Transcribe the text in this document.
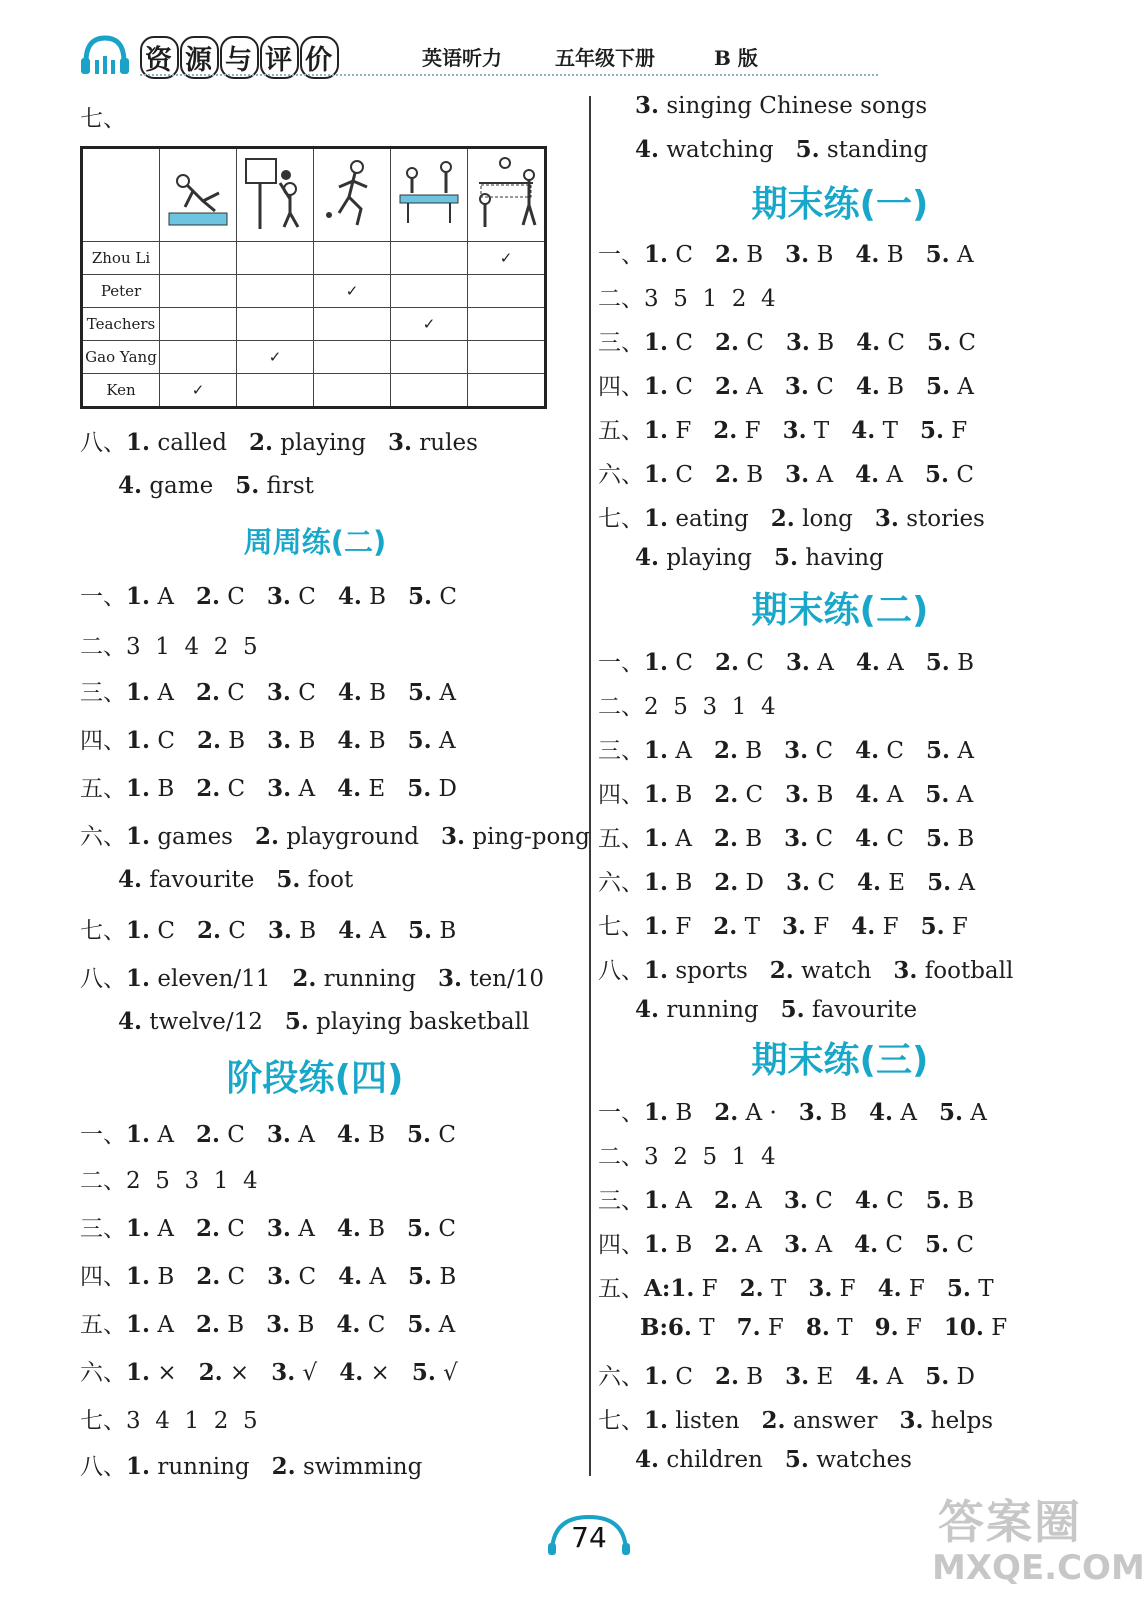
资 源 与 评 价	英语听力	五年级下册	B 版
七、

Zhou Li					✓
Peter			✓		
Teachers				✓	
Gao Yang		✓			
Ken	✓				
八、1. called 2. playing 3. rules
4. game 5. first
一、1. A 2. C 3. C 4. B 5. C
二、3  1  4  2  5
三、1. A 2. C 3. C 4. B 5. A
四、1. C 2. B 3. B 4. B 5. A
五、1. B 2. C 3. A 4. E 5. D
六、1. games 2. playground 3. ping-pong
4. favourite 5. foot
七、1. C 2. C 3. B 4. A 5. B
八、1. eleven/11 2. running 3. ten/10
4. twelve/12 5. playing basketball
一、1. A 2. C 3. A 4. B 5. C
二、2  5  3  1  4
三、1. A 2. C 3. A 4. B 5. C
四、1. B 2. C 3. C 4. A 5. B
五、1. A 2. B 3. B 4. C 5. A
六、1. × 2. × 3. √ 4. × 5. √
七、3  4  1  2  5
八、1. running 2. swimming
3. singing Chinese songs
4. watching 5. standing
一、1. C 2. B 3. B 4. B 5. A
二、3  5  1  2  4
三、1. C 2. C 3. B 4. C 5. C
四、1. C 2. A 3. C 4. B 5. A
五、1. F 2. F 3. T 4. T 5. F
六、1. C 2. B 3. A 4. A 5. C
七、1. eating 2. long 3. stories
4. playing 5. having
一、1. C 2. C 3. A 4. A 5. B
二、2  5  3  1  4
三、1. A 2. B 3. C 4. C 5. A
四、1. B 2. C 3. B 4. A 5. A
五、1. A 2. B 3. C 4. C 5. B
六、1. B 2. D 3. C 4. E 5. A
七、1. F 2. T 3. F 4. F 5. F
八、1. sports 2. watch 3. football
4. running 5. favourite
一、1. B 2. A · 3. B 4. A 5. A
二、3  2  5  1  4
三、1. A 2. A 3. C 4. C 5. B
四、1. B 2. A 3. A 4. C 5. C
五、A:1. F 2. T 3. F 4. F 5. T
B:6. T 7. F 8. T 9. F 10. F
六、1. C 2. B 3. E 4. A 5. D
七、1. listen 2. answer 3. helps
4. children 5. watches
周周练(二)
阶段练(四)
期末练(一)
期末练(二)
期末练(三)
74	答案圈
MXQE.COM
